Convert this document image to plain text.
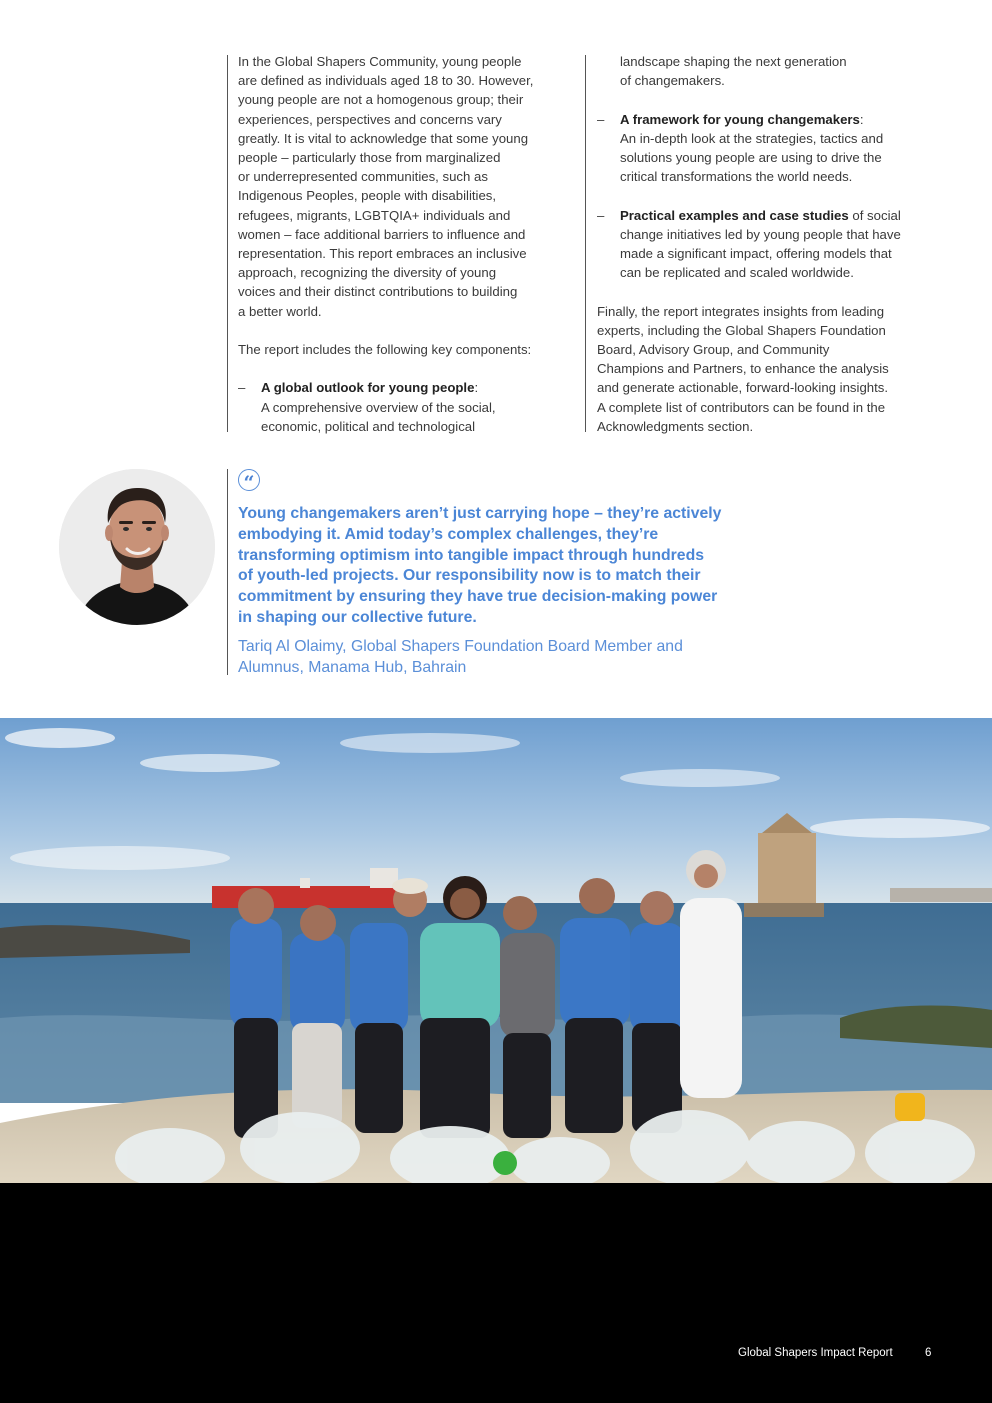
In the Global Shapers Community, young people
are defined as individuals aged 18 to 30. However,
young people are not a homogenous group; their
experiences, perspectives and concerns vary
greatly. It is vital to acknowledge that some young
people – particularly those from marginalized
or underrepresented communities, such as
Indigenous Peoples, people with disabilities,
refugees, migrants, LGBTQIA+ individuals and
women – face additional barriers to influence and
representation. This report embraces an inclusive
approach, recognizing the diversity of young
voices and their distinct contributions to building
a better world.

The report includes the following key components:

– A global outlook for young people:
A comprehensive overview of the social,
economic, political and technological
landscape shaping the next generation
of changemakers.
– A framework for young changemakers:
An in-depth look at the strategies, tactics and
solutions young people are using to drive the
critical transformations the world needs.
– Practical examples and case studies of social
change initiatives led by young people that have
made a significant impact, offering models that
can be replicated and scaled worldwide.

Finally, the report integrates insights from leading
experts, including the Global Shapers Foundation
Board, Advisory Group, and Community
Champions and Partners, to enhance the analysis
and generate actionable, forward-looking insights.
A complete list of contributors can be found in the
Acknowledgments section.

“

Young changemakers aren’t just carrying hope – they’re actively
embodying it. Amid today’s complex challenges, they’re
transforming optimism into tangible impact through hundreds
of youth-led projects. Our responsibility now is to match their
commitment by ensuring they have true decision-making power
in shaping our collective future.

Tariq Al Olaimy, Global Shapers Foundation Board Member and
Alumnus, Manama Hub, Bahrain

Global Shapers Impact Report	6
